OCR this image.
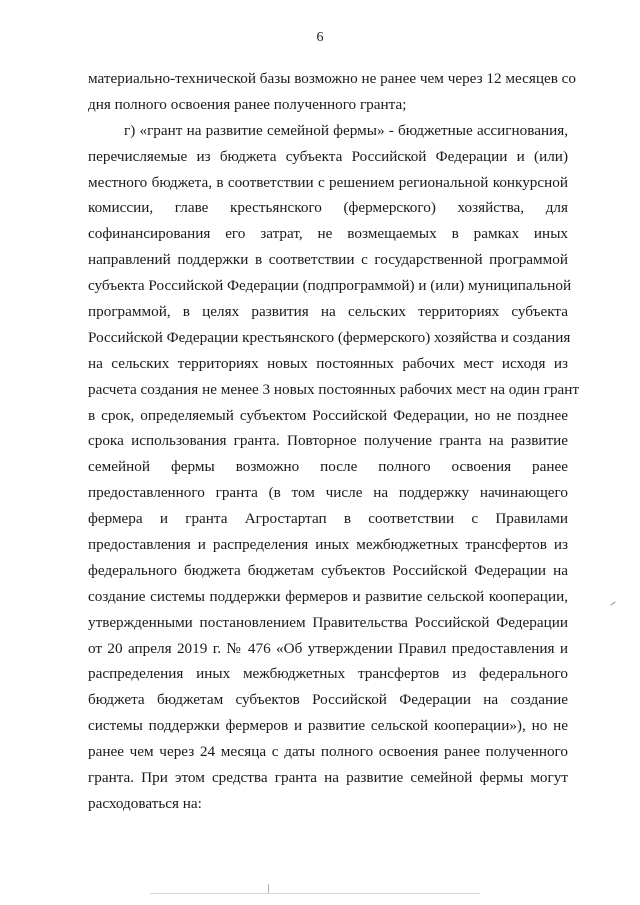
6
материально-технической базы возможно не ранее чем через 12 месяцев со
дня полного освоения ранее полученного гранта;
г) «грант на развитие семейной фермы» - бюджетные ассигнования,
перечисляемые из бюджета субъекта Российской Федерации и (или)
местного бюджета, в соответствии с решением региональной конкурсной
комиссии, главе крестьянского (фермерского) хозяйства, для
софинансирования его затрат, не возмещаемых в рамках иных
направлений поддержки в соответствии с государственной программой
субъекта Российской Федерации (подпрограммой) и (или) муниципальной
программой, в целях развития на сельских территориях субъекта
Российской Федерации крестьянского (фермерского) хозяйства и создания
на сельских территориях новых постоянных рабочих мест исходя из
расчета создания не менее 3 новых постоянных рабочих мест на один грант
в срок, определяемый субъектом Российской Федерации, но не позднее
срока использования гранта. Повторное получение гранта на развитие
семейной фермы возможно после полного освоения ранее
предоставленного гранта (в том числе на поддержку начинающего
фермера и гранта Агростартап в соответствии с Правилами
предоставления и распределения иных межбюджетных трансфертов из
федерального бюджета бюджетам субъектов Российской Федерации на
создание системы поддержки фермеров и развитие сельской кооперации,
утвержденными постановлением Правительства Российской Федерации
от 20 апреля 2019 г. № 476 «Об утверждении Правил предоставления и
распределения иных межбюджетных трансфертов из федерального
бюджета бюджетам субъектов Российской Федерации на создание
системы поддержки фермеров и развитие сельской кооперации»), но не
ранее чем через 24 месяца с даты полного освоения ранее полученного
гранта. При этом средства гранта на развитие семейной фермы могут
расходоваться на:
